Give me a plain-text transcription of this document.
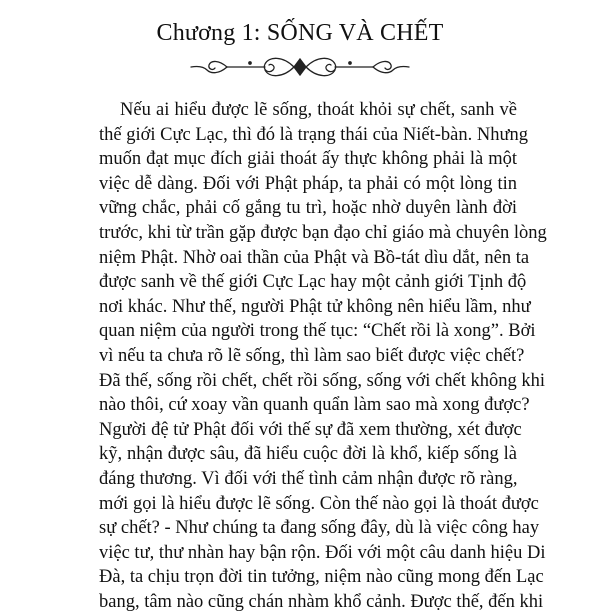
Chương 1: SỐNG VÀ CHẾT
Nếu ai hiểu được lẽ sống, thoát khỏi sự chết, sanh về
thế giới Cực Lạc, thì đó là trạng thái của Niết-bàn. Nhưng
muốn đạt mục đích giải thoát ấy thực không phải là một
việc dễ dàng. Đối với Phật pháp, ta phải có một lòng tin
vững chắc, phải cố gắng tu trì, hoặc nhờ duyên lành đời
trước, khi từ trần gặp được bạn đạo chỉ giáo mà chuyên lòng
niệm Phật. Nhờ oai thần của Phật và Bồ-tát dìu dắt, nên ta
được sanh về thế giới Cực Lạc hay một cảnh giới Tịnh độ
nơi khác. Như thế, người Phật tử không nên hiểu lầm, như
quan niệm của người trong thế tục: “Chết rồi là xong”. Bởi
vì nếu ta chưa rõ lẽ sống, thì làm sao biết được việc chết?
Đã thế, sống rồi chết, chết rồi sống, sống với chết không khi
nào thôi, cứ xoay vần quanh quẩn làm sao mà xong được?
Người đệ tử Phật đối với thế sự đã xem thường, xét được
kỹ, nhận được sâu, đã hiểu cuộc đời là khổ, kiếp sống là
đáng thương. Vì đối với thế tình cảm nhận được rõ ràng,
mới gọi là hiểu được lẽ sống. Còn thế nào gọi là thoát được
sự chết? - Như chúng ta đang sống đây, dù là việc công hay
việc tư, thư nhàn hay bận rộn. Đối với một câu danh hiệu Di
Đà, ta chịu trọn đời tin tưởng, niệm nào cũng mong đến Lạc
bang, tâm nào cũng chán nhàm khổ cảnh. Được thế, đến khi
